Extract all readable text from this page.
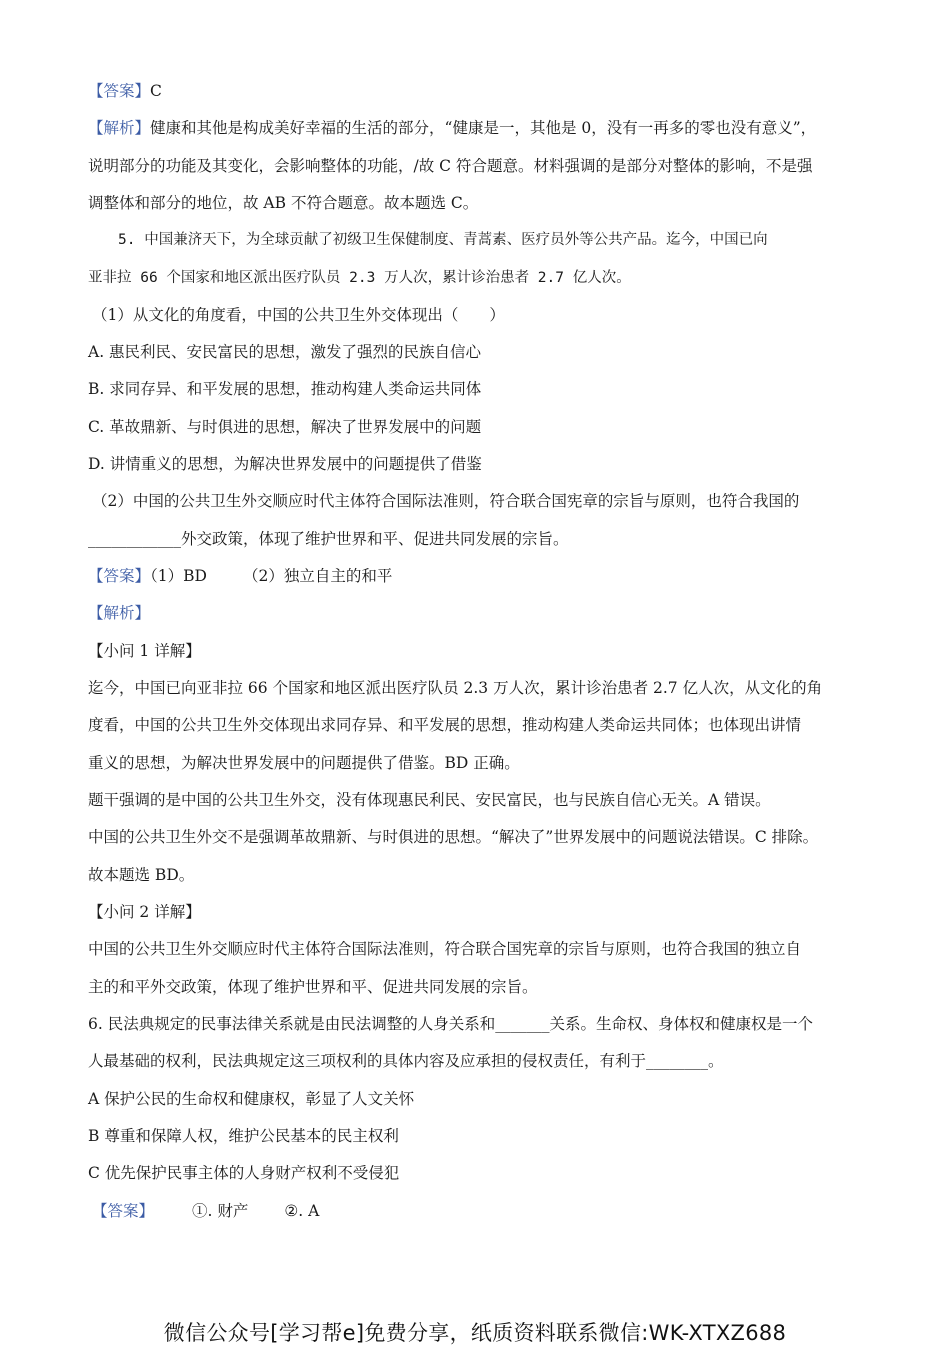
【答案】C
【解析】健康和其他是构成美好幸福的生活的部分，“健康是一，其他是 0，没有一再多的零也没有意义”，
说明部分的功能及其变化，会影响整体的功能，/故 C 符合题意。材料强调的是部分对整体的影响，不是强
调整体和部分的地位，故 AB 不符合题意。故本题选 C。
5. 中国兼济天下，为全球贡献了初级卫生保健制度、青蒿素、医疗员外等公共产品。迄今，中国已向
亚非拉 66 个国家和地区派出医疗队员 2.3 万人次，累计诊治患者 2.7 亿人次。
（1）从文化的角度看，中国的公共卫生外交体现出（　　）
A. 惠民利民、安民富民的思想，激发了强烈的民族自信心
B. 求同存异、和平发展的思想，推动构建人类命运共同体
C. 革故鼎新、与时俱进的思想，解决了世界发展中的问题
D. 讲情重义的思想，为解决世界发展中的问题提供了借鉴
（2）中国的公共卫生外交顺应时代主体符合国际法准则，符合联合国宪章的宗旨与原则，也符合我国的
____________外交政策，体现了维护世界和平、促进共同发展的宗旨。
【答案】（1）BD （2）独立自主的和平
【解析】
【小问 1 详解】
迄今，中国已向亚非拉 66 个国家和地区派出医疗队员 2.3 万人次，累计诊治患者 2.7 亿人次，从文化的角
度看，中国的公共卫生外交体现出求同存异、和平发展的思想，推动构建人类命运共同体；也体现出讲情
重义的思想，为解决世界发展中的问题提供了借鉴。BD 正确。
题干强调的是中国的公共卫生外交，没有体现惠民利民、安民富民，也与民族自信心无关。A 错误。
中国的公共卫生外交不是强调革故鼎新、与时俱进的思想。“解决了”世界发展中的问题说法错误。C 排除。
故本题选 BD。
【小问 2 详解】
中国的公共卫生外交顺应时代主体符合国际法准则，符合联合国宪章的宗旨与原则，也符合我国的独立自
主的和平外交政策，体现了维护世界和平、促进共同发展的宗旨。
6. 民法典规定的民事法律关系就是由民法调整的人身关系和_______关系。生命权、身体权和健康权是一个
人最基础的权利，民法典规定这三项权利的具体内容及应承担的侵权责任，有利于________。
A 保护公民的生命权和健康权，彰显了人文关怀
B 尊重和保障人权，维护公民基本的民主权利
C 优先保护民事主体的人身财产权利不受侵犯
【答案】 ①. 财产 ②. A
微信公众号[学习帮e]免费分享，纸质资料联系微信:WK-XTXZ688
